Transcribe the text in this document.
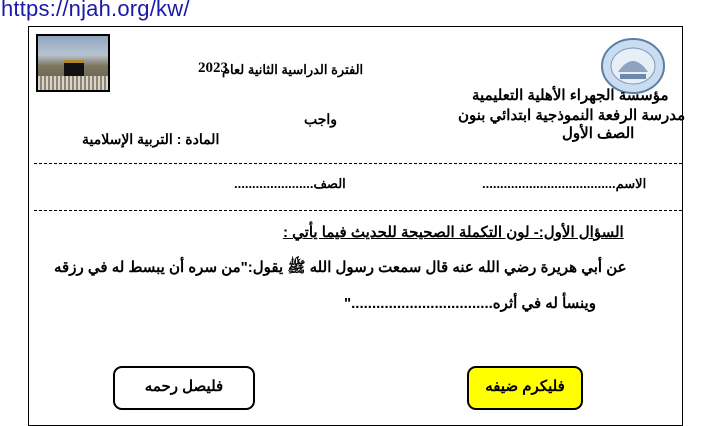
https://njah.org/kw/
الفترة الدراسية الثانية لعام
2023
مؤسسة الجهراء الأهلية التعليمية
مدرسة الرفعة النموذجية ابتدائي بنون
واجب
الصف الأول
المادة : التربية الإسلامية
الاسم.....................................
الصف......................
السؤال الأول:- لون التكملة الصحيحة للحديث فيما يأتي :
عن أبي هريرة رضي الله عنه قال سمعت رسول الله ﷺ يقول:"من سره أن يبسط له في رزقه
وينسأ له في أثره.................................."
فليكرم ضيفه
فليصل رحمه
